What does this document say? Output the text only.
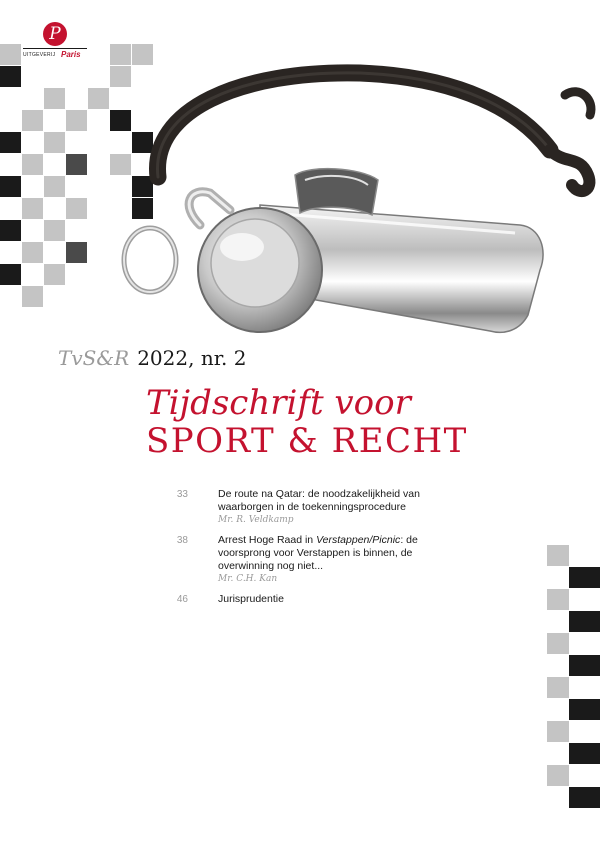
P
UITGEVERIJ Paris
TvS&R 2022, nr. 2
Tijdschrift voor
SPORT & RECHT
33	De route na Qatar: de noodzakelijkheid van
waarborgen in de toekenningsprocedure
Mr. R. Veldkamp
38	Arrest Hoge Raad in Verstappen/Picnic: de
voorsprong voor Verstappen is binnen, de
overwinning nog niet...
Mr. C.H. Kan
46	Jurisprudentie
